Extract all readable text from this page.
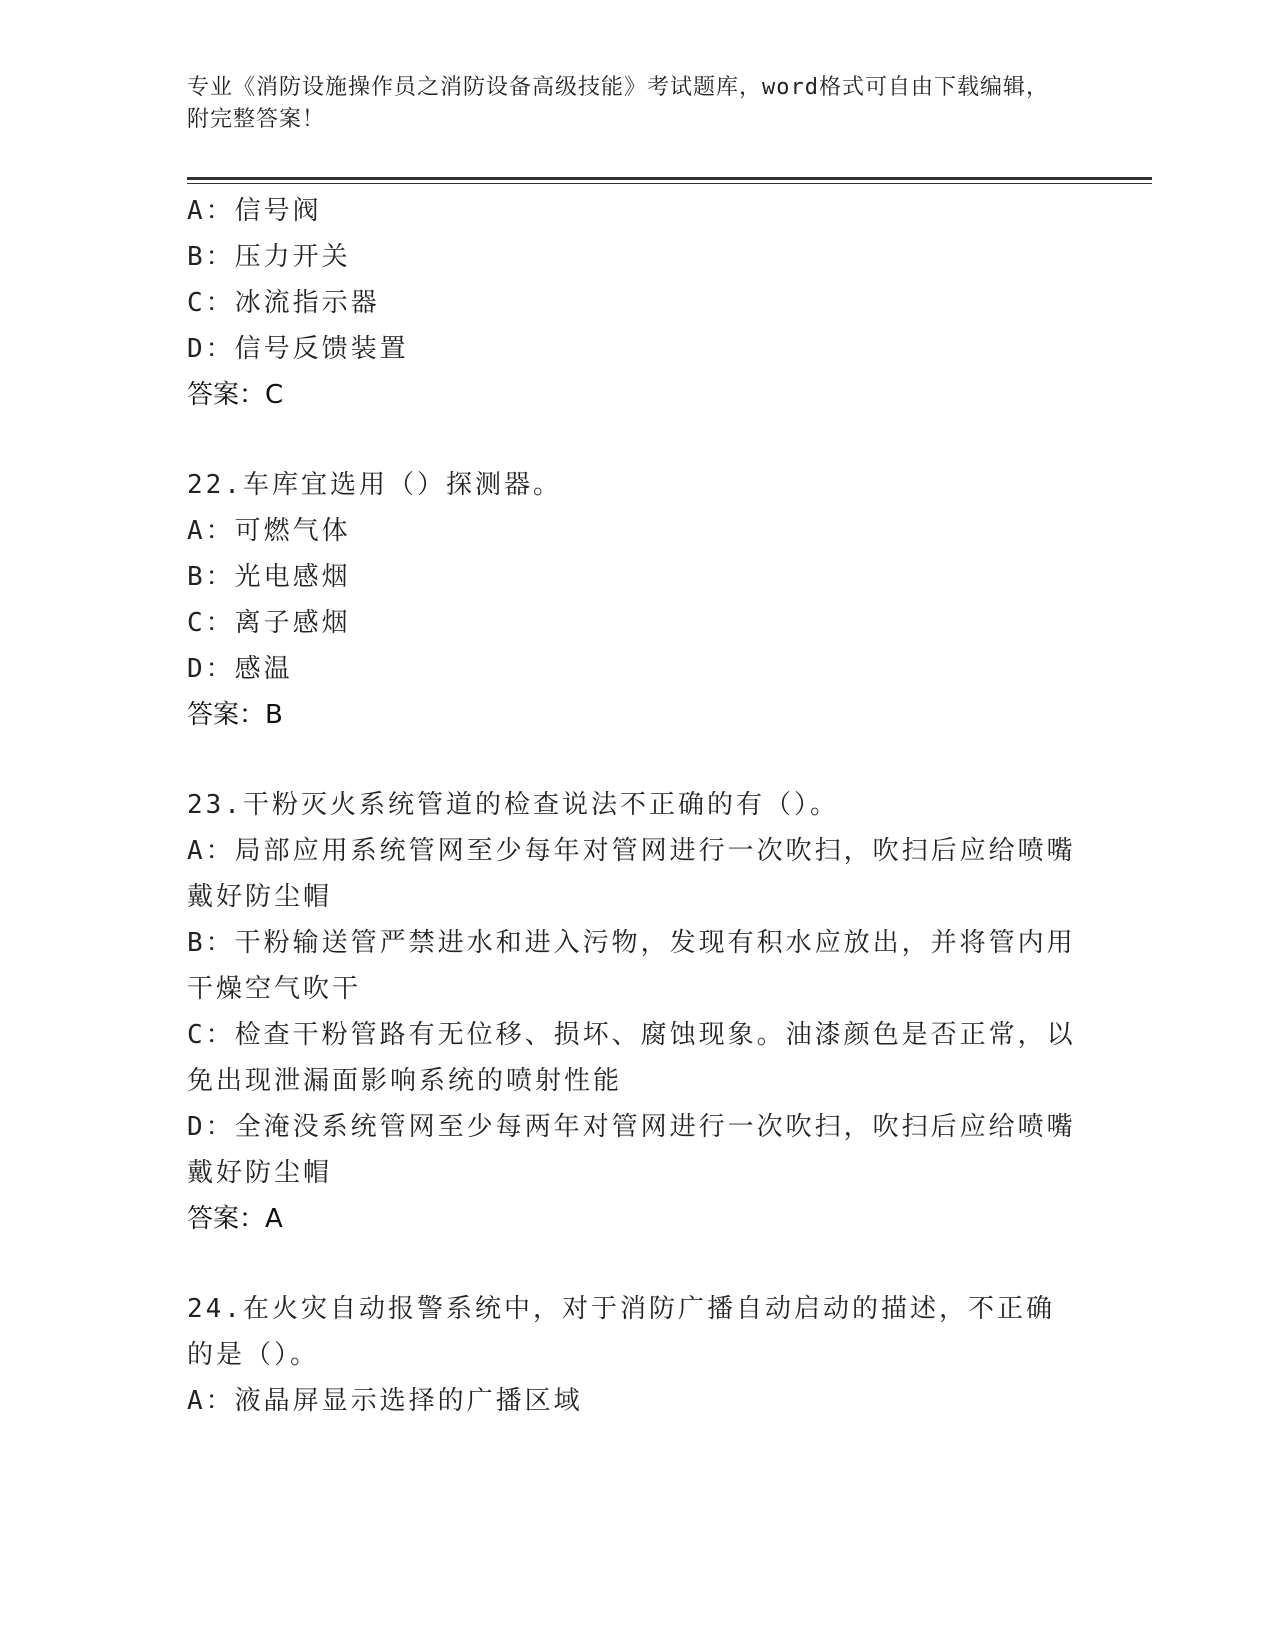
专业《消防设施操作员之消防设备高级技能》考试题库，word格式可自由下载编辑，附完整答案！
A：信号阀
B：压力开关
C：冰流指示器
D：信号反馈装置
答案：C
22.车库宜选用（）探测器。
A：可燃气体
B：光电感烟
C：离子感烟
D：感温
答案：B
23.干粉灭火系统管道的检查说法不正确的有（）。
A：局部应用系统管网至少每年对管网进行一次吹扫，吹扫后应给喷嘴戴好防尘帽
B：干粉输送管严禁进水和进入污物，发现有积水应放出，并将管内用干燥空气吹干
C：检查干粉管路有无位移、损坏、腐蚀现象。油漆颜色是否正常，以免出现泄漏面影响系统的喷射性能
D：全淹没系统管网至少每两年对管网进行一次吹扫，吹扫后应给喷嘴戴好防尘帽
答案：A
24.在火灾自动报警系统中，对于消防广播自动启动的描述，不正确的是（）。
A：液晶屏显示选择的广播区域
